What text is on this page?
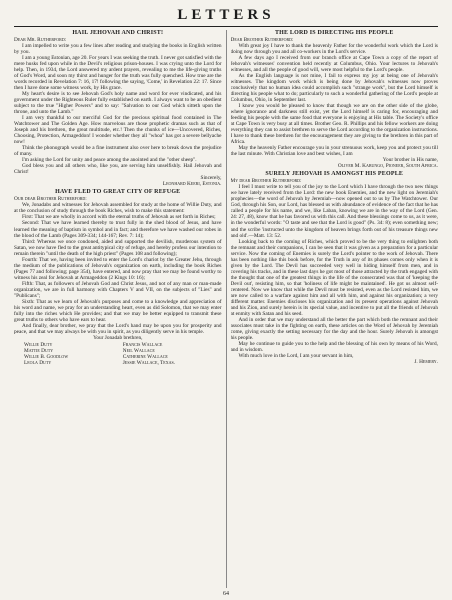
LETTERS
HAIL JEHOVAH AND CHRIST!

Dear Mr. Rutherford:

I am impelled to write you a few lines after reading and studying the books in English written by you.

I am a young Estonian, age 20. For years I was seeking the truth. I never got satisfied with the mere husks fed upon while in the Devil's religious prison-houses. I was crying unto the Lord for help. Then, in 1934, the Lord answered my ardent prayers, revealing to me the life-giving truths of God's Word, and soon my thirst and hunger for the truth was fully quenched. How true are the words recorded in Revelation 7: 16, 17! following the saying, 'Come,' in Revelation 22: 17. Since then I have done some witness work, by His grace.

My heart's desire is to see Jehovah God's holy name and word for ever vindicated, and his government under the Righteous Ruler fully established on earth. I always want to be an obedient subject to the true "Higher Powers" and to say: "Salvation to our God which sitteth upon the throne, and unto the Lamb."

I am very thankful to our merciful God for the precious spiritual food contained in The Watchtower and The Golden Age. How marvelous are those prophetic dramas such as that of Joseph and his brethren, the great multitude, etc.! Then the chunks of ice—Uncovered, Riches, Choosing, Protection, Armageddon! I wonder whether they all "whoa" has got a severe bellyache now!

Think the phonograph would be a fine instrument also over here to break down the prejudice of many.

I'm asking the Lord for unity and peace among the anointed and the "other sheep".

God bless you and all others who, like you, are serving him unselfishly. Hail Jehovah and Christ!

Sincerely,

Leonhard Keeri, Estonia.

HAVE FLED TO GREAT CITY OF REFUGE

Our dear Brother Rutherford:

We, Jonadabs and witnesses for Jehovah assembled for study at the home of Willie Duty, and at the conclusion of study through the book Riches, wish to make this statement:

First: That we are wholly in accord with the eternal truths of Jehovah as set forth in Riches;

Second: That we have learned thereby to trust fully in the shed blood of Jesus, and have learned the meaning of baptism in symbol and in fact; and therefore we have washed our robes in the blood of the Lamb (Pages 309-334; 144-167; Rev. 7: 14);

Third: Whereas we once condoned, aided and supported the devilish, murderous system of Satan, we now have fled to the great antitypical city of refuge, and hereby profess our intention to remain therein "until the death of the high priest" (Pages 108 and following);

Fourth: That we, having been invited to enter the Lord's chariot by the Greater Jehu, through the medium of the publications of Jehovah's organization on earth, including the book Riches (Pages 77 and following; page 354), have entered, and now pray that we may be found worthy to witness his zeal for Jehovah at Armageddon (2 Kings 10: 16);

Fifth: That, as followers of Jehovah God and Christ Jesus, and not of any man or man-made organization, we are in full harmony with Chapters V and VII, on the subjects of "Lies" and "Publicans";

Sixth: That as we learn of Jehovah's purposes and come to a knowledge and appreciation of his word and name, we pray for an understanding heart, even as did Solomon, that we may enter fully into the riches which He provides; and that we may be better equipped to transmit these great truths to others who have ears to hear.

And finally, dear brother, we pray that the Lord's hand may be upon you for prosperity and peace, and that we may always be with you in spirit, as you diligently serve in his temple.

Your Jonadab brethren,

Willie Duty	Francis Wallace
Mattie Duty	Neil Wallace
Willie B. Goodlow	Catherine Wallace
Leola Duty	Jessie Wallace, Texas.
THE LORD IS DIRECTING HIS PEOPLE

Dear Brother Rutherford:

With great joy I have to thank the heavenly Father for the wonderful work which the Lord is doing now through you and all co-workers in the Lord's service.

A few days ago I received from our branch office at Cape Town a copy of the report of Jehovah's witnesses' convention held recently at Columbus, Ohio. Your lectures to Jehovah's witnesses, and all the people of good will, were most helpful to the Lord's people.

As the English language is not mine, I fail to express my joy at being one of Jehovah's witnesses. The kingdom work which is being done by Jehovah's witnesses now proves conclusively that no human idea could accomplish such "strange work", but the Lord himself is directing his people what to do; particularly to such a wonderful gathering of the Lord's people at Columbus, Ohio, in September last.

I know you would be pleased to know that though we are on the other side of the globe, where ignorance and darkness still exist, yet the Lord himself is caring for, encouraging and feeding his people with the same food that everyone is enjoying at His table. The Society's office at Cape Town is very busy at all times. Brother Geo. R. Phillips and his fellow workers are doing everything they can to assist brethren to serve the Lord according to the organization instructions. I have to thank these brethren for the encouragement they are giving to the brethren in this part of Africa.

May the heavenly Father encourage you in your strenuous work, keep you and protect you till the last minute. With Christian love and best wishes, I am

Your brother in His name,

Oliver M. Kabungo, Pioneer, South Africa.

SURELY JEHOVAH IS AMONGST HIS PEOPLE

My dear Brother Rutherford:

I feel I must write to tell you of the joy to the Lord which I have through the two new things we have lately received from the Lord: the new book Enemies, and the new light on Jeremiah's prophecies—the word of Jehovah by Jeremiah—now opened out to us by The Watchtower. Our God, through his Son, our Lord, has blessed us with abundance of evidence of the fact that he has called a people for his name, and we, like Laban, knowing we are in the way of the Lord (Gen. 24: 27, 48), know that he has favored us with this call. And these blessings come to us, as it were, in the wonderful words: "O taste and see that the Lord is good" (Ps. 34: 8); even something new; and the scribe 'instructed unto the kingdom of heaven brings forth out of his treasure things new and old'.—Matt. 13: 52.

Looking back to the coming of Riches, which proved to be the very thing to enlighten both the remnant and their companions, I can be seen that it was given as a preparation for a particular service. Now the coming of Enemies is surely the Lord's pointer to the work of Jehovah. There has been nothing like this book before, for the Truth in any of its phases comes only when it is given by the Lord. The Devil has succeeded very well in hiding himself from men, and in covering his tracks, and in these last days he got most of those attracted by the truth engaged with the thought that one of the greatest things in the life of the consecrated was that of 'keeping the Devil out', resisting him, so that 'holiness of life might be maintained'. He got us almost self-centered. Now we know that while the Devil must be resisted, even as the Lord resisted him, we are now called to a warfare against him and all with him, and against his organization; a very different matter. Enemies discloses his organization and its present operations against Jehovah and his Zion, and surely herein is its special value, and incentive to put all the friends of Jehovah at enmity with Satan and his seed.

And in order that we may understand all the better the part which both the remnant and their associates must take in the fighting on earth, these articles on the Word of Jehovah by Jeremiah come, giving exactly the setting necessary for the day and the hour. Surely Jehovah is amongst his people.

May he continue to guide you to the help and the blessing of his own by means of his Word, and in wisdom.

With much love in the Lord, I am your servant in him,

J. Hemery.

64
